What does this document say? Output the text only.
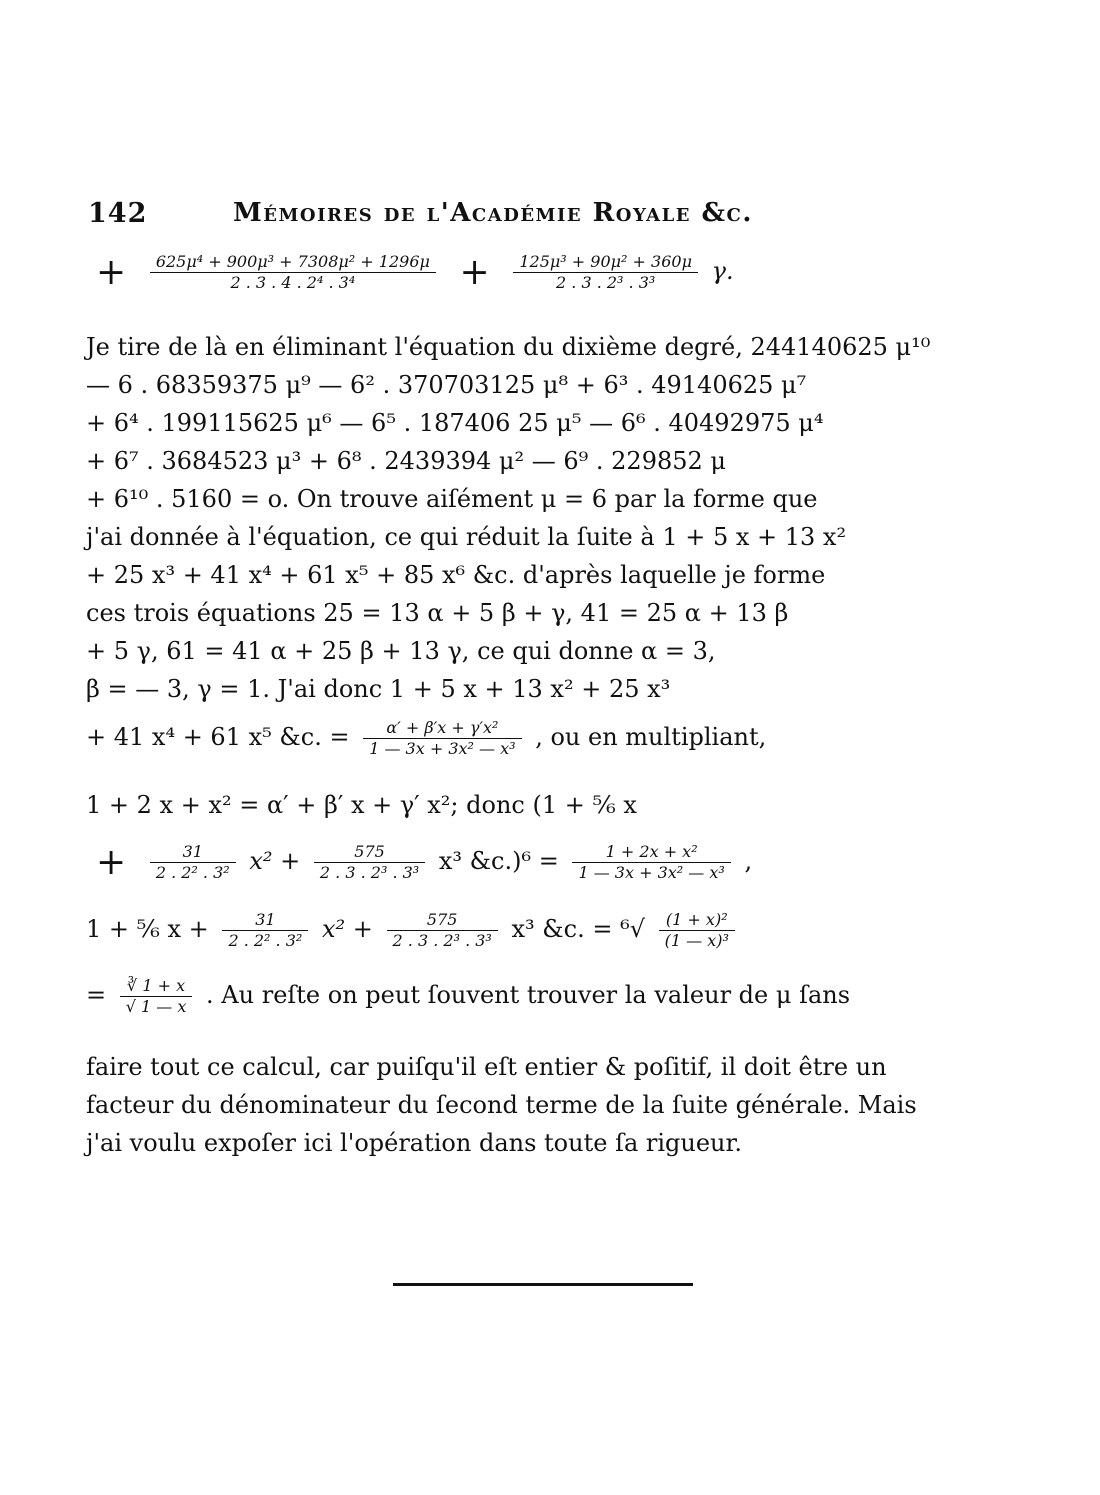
142	Mémoires de l'Académie Royale &c.
+ $\frac{\text{625μ⁴ + 900μ³ + 7308μ² + 1296μ}}{\text{2 . 3 . 4 . 2⁴ . 3⁴}} + \frac{\text{125μ³ + 90μ² + 360μ}}{\text{2 . 3 . 2³ . 3³}} \gamma$.
Je tire de là en éliminant l'équation du dixième degré, 244140625 μ¹⁰
— 6 . 68359375 μ⁹ — 6² . 370703125 μ⁸ + 6³ . 49140625 μ⁷
+ 6⁴ . 199115625 μ⁶ — 6⁵ . 187406 25 μ⁵ — 6⁶ . 40492975 μ⁴
+ 6⁷ . 3684523 μ³ + 6⁸ . 2439394 μ² — 6⁹ . 229852 μ
+ 6¹⁰ . 5160 = o. On trouve aiſément μ = 6 par la forme que
j'ai donnée à l'équation, ce qui réduit la ſuite à 1 + 5 x + 13 x²
+ 25 x³ + 41 x⁴ + 61 x⁵ + 85 x⁶ &c. d'après laquelle je forme
ces trois équations 25 = 13 α + 5 β + γ, 41 = 25 α + 13 β
+ 5 γ, 61 = 41 α + 25 β + 13 γ, ce qui donne α = 3,
β = — 3, γ = 1. J'ai donc 1 + 5 x + 13 x² + 25 x³
+ 41 x⁴ + 61 x⁵ &c. = $\frac{\text{α′ + β′x + γ′x²}}{\text{1 — 3x + 3x² — x³}}$ , ou en multipliant,
1 + 2 x + x² = α′ + β′ x + γ′ x²; donc (1 + ⁵⁄₆ x
+ $\frac{31}{\text{2 . 2² . 3²}} x^2 + \frac{575}{\text{2 . 3 . 2³ . 3³}} x^3$ &c.)⁶ = $\frac{\text{1 + 2x + x²}}{\text{1 — 3x + 3x² — x³}}$ ,
1 + ⁵⁄₆ $x + \frac{31}{\text{2 . 2² . 3²}} x^2 + \frac{575}{\text{2 . 3 . 2³ . 3³}} x^3$ &c. = $^6√ \frac{\text{(1 + x)²}}{\text{(1 — x)³}}$
= $\frac{∛ 1 + x}{√ 1 — x}$ . Au reſte on peut ſouvent trouver la valeur de μ ſans
faire tout ce calcul, car puiſqu'il eſt entier & poſitif, il doit être un
facteur du dénominateur du ſecond terme de la ſuite générale. Mais
j'ai voulu expoſer ici l'opération dans toute ſa rigueur.
